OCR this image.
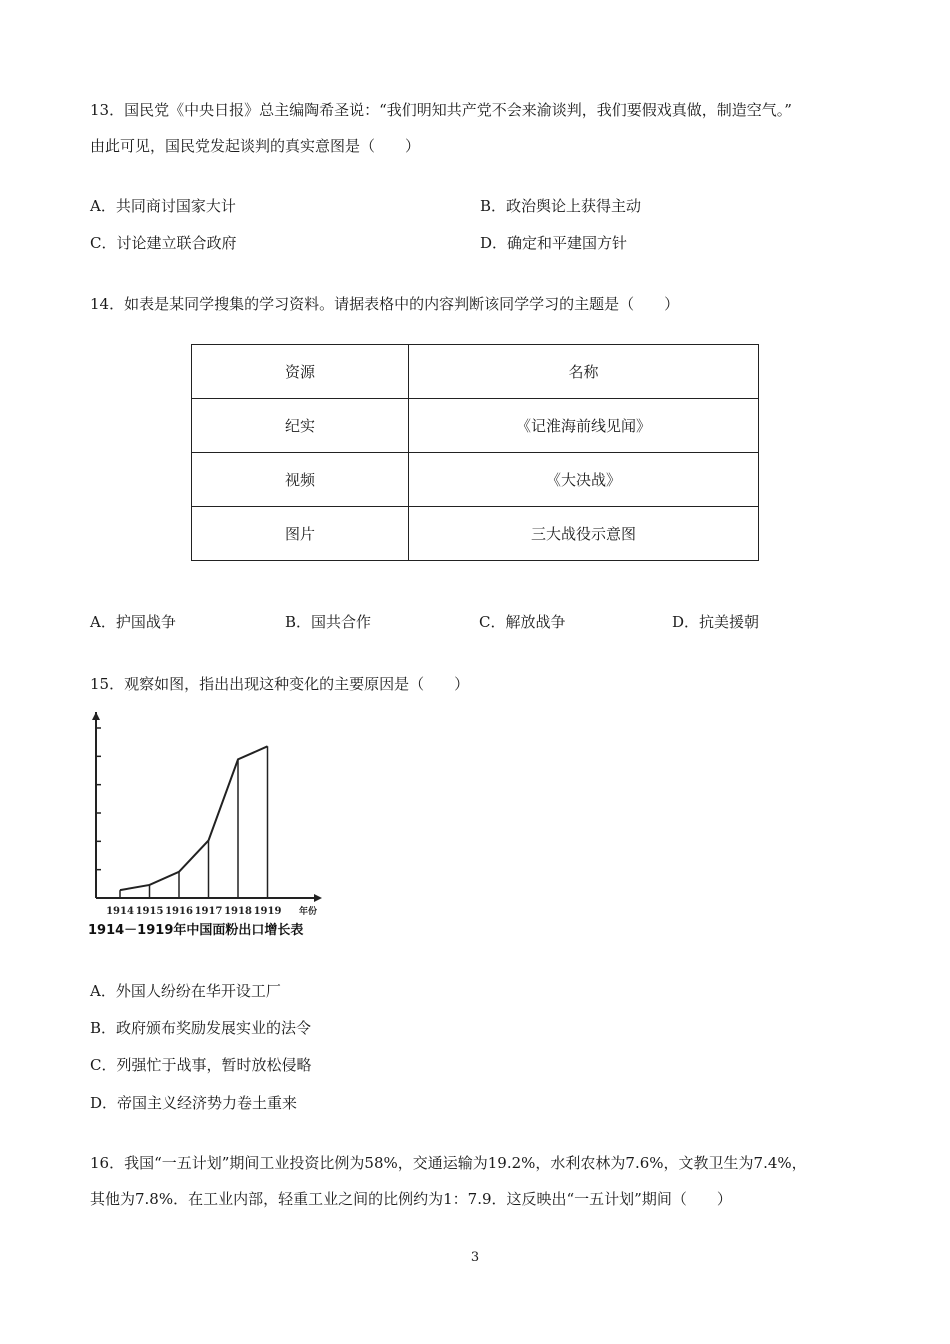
13．国民党《中央日报》总主编陶希圣说：“我们明知共产党不会来渝谈判，我们要假戏真做，制造空气。”
由此可见，国民党发起谈判的真实意图是（　　）
A．共同商讨国家大计	B．政治舆论上获得主动
C．讨论建立联合政府	D．确定和平建国方针
14．如表是某同学搜集的学习资料。请据表格中的内容判断该同学学习的主题是（　　）
资源	名称
纪实	《记淮海前线见闻》
视频	《大决战》
图片	三大战役示意图
A．护国战争	B．国共合作	C．解放战争	D．抗美援朝
15．观察如图，指出出现这种变化的主要原因是（　　）
1914 1915 1916 1917 1918 1919 年份
1914－1919年中国面粉出口增长表
A．外国人纷纷在华开设工厂
B．政府颁布奖励发展实业的法令
C．列强忙于战事，暂时放松侵略
D．帝国主义经济势力卷土重来
16．我国“一五计划”期间工业投资比例为58%，交通运输为19.2%，水利农林为7.6%，文教卫生为7.4%，
其他为7.8%．在工业内部，轻重工业之间的比例约为1：7.9．这反映出“一五计划”期间（　　）
3
